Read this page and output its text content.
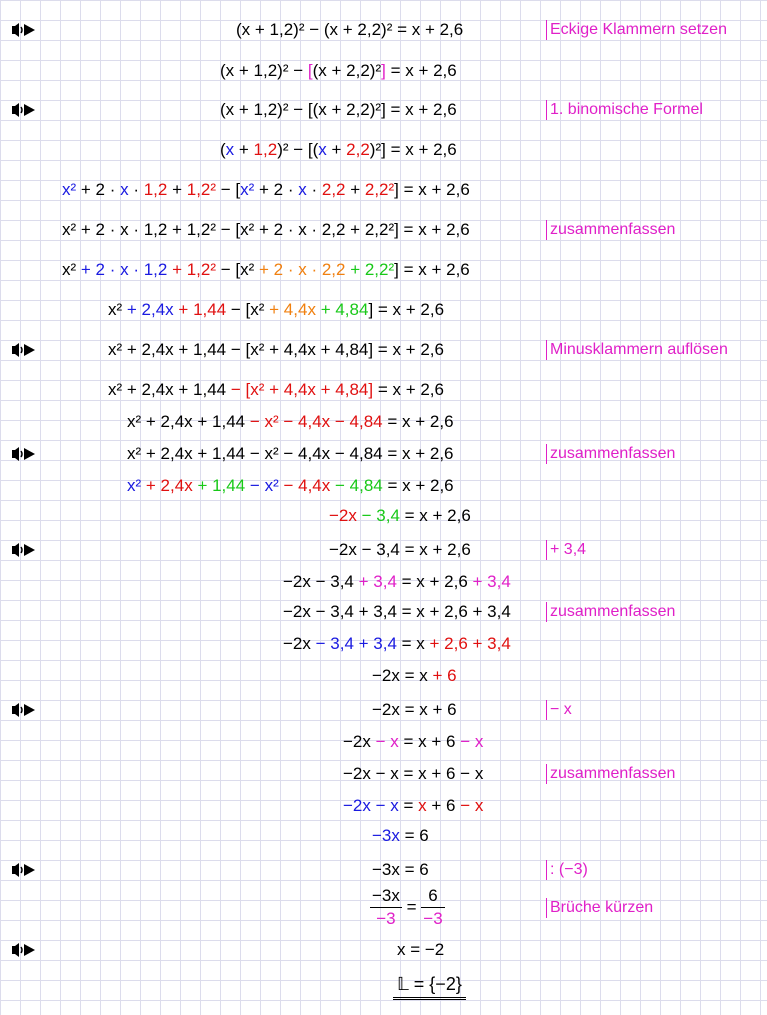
(x + 1,2)² − (x + 2,2)² = x + 2,6	Eckige Klammern setzen
(x + 1,2)² − [(x + 2,2)²] = x + 2,6
(x + 1,2)² − [(x + 2,2)²] = x + 2,6	1. binomische Formel
(x + 1,2)² − [(x + 2,2)²] = x + 2,6
x² + 2 · x · 1,2 + 1,2² − [x² + 2 · x · 2,2 + 2,2²] = x + 2,6
x² + 2 · x · 1,2 + 1,2² − [x² + 2 · x · 2,2 + 2,2²] = x + 2,6	zusammenfassen
x² + 2 · x · 1,2 + 1,2² − [x² + 2 · x · 2,2 + 2,2²] = x + 2,6
x² + 2,4x + 1,44 − [x² + 4,4x + 4,84] = x + 2,6
x² + 2,4x + 1,44 − [x² + 4,4x + 4,84] = x + 2,6	Minusklammern auflösen
x² + 2,4x + 1,44 − [x² + 4,4x + 4,84] = x + 2,6
x² + 2,4x + 1,44 − x² − 4,4x − 4,84 = x + 2,6
x² + 2,4x + 1,44 − x² − 4,4x − 4,84 = x + 2,6	zusammenfassen
x² + 2,4x + 1,44 − x² − 4,4x − 4,84 = x + 2,6
−2x − 3,4 = x + 2,6
−2x − 3,4 = x + 2,6	+ 3,4
−2x − 3,4 + 3,4 = x + 2,6 + 3,4
−2x − 3,4 + 3,4 = x + 2,6 + 3,4 zusammenfassen
−2x − 3,4 + 3,4 = x + 2,6 + 3,4
−2x = x + 6
−2x = x + 6	− x
−2x − x = x + 6 − x
−2x − x = x + 6 − x	zusammenfassen
−2x − x = x + 6 − x
−3x = 6
−3x = 6	: (−3)
$\frac{-3x}{-3} = \frac{6}{-3}$	Brüche kürzen
x = −2
𝕃 = {−2}
